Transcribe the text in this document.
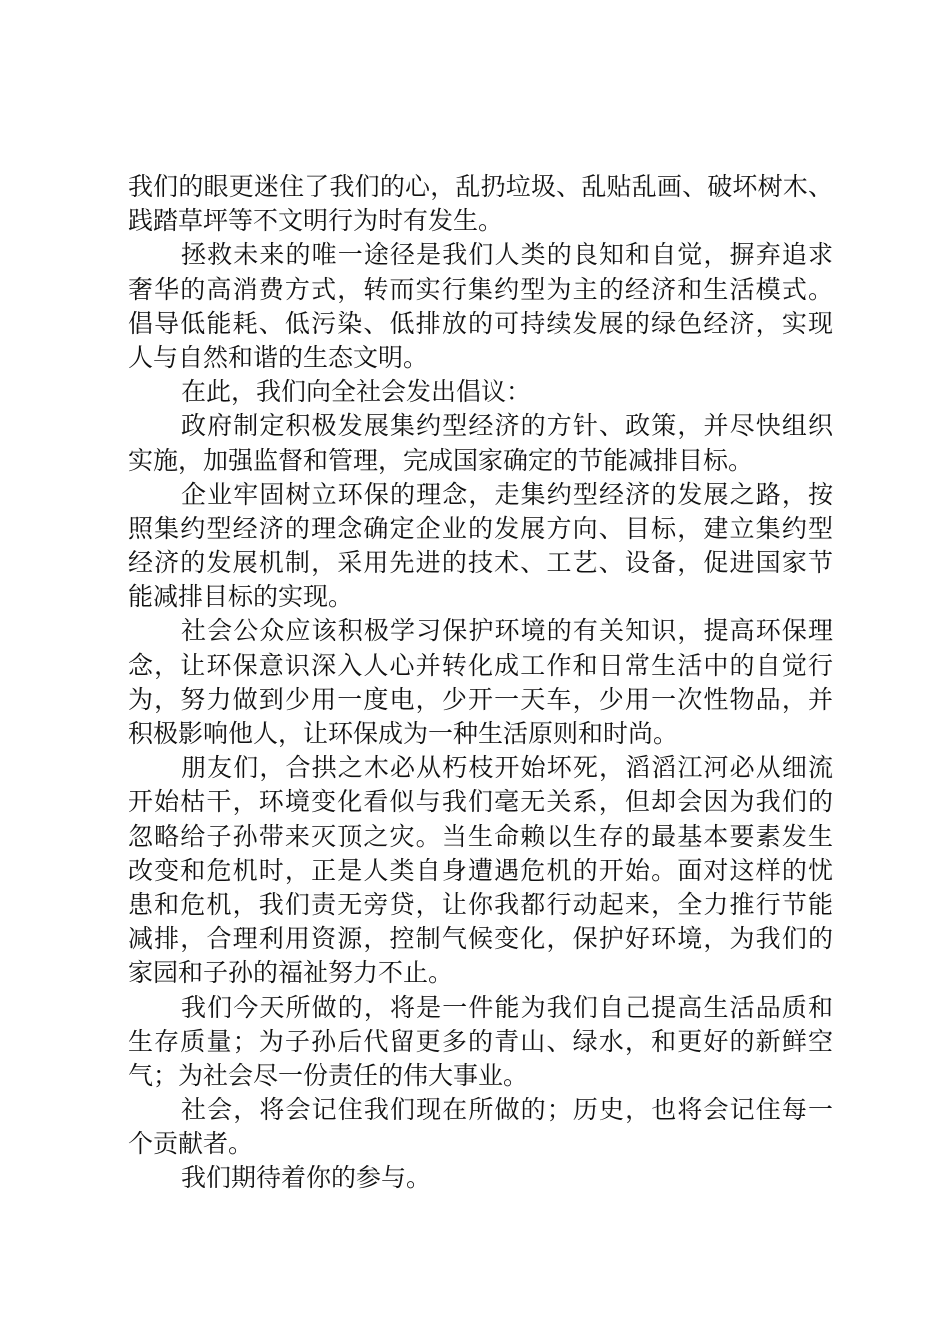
我们的眼更迷住了我们的心，乱扔垃圾、乱贴乱画、破坏树木、
践踏草坪等不文明行为时有发生。
拯救未来的唯一途径是我们人类的良知和自觉，摒弃追求
奢华的高消费方式，转而实行集约型为主的经济和生活模式。
倡导低能耗、低污染、低排放的可持续发展的绿色经济，实现
人与自然和谐的生态文明。
在此，我们向全社会发出倡议：
政府制定积极发展集约型经济的方针、政策，并尽快组织
实施，加强监督和管理，完成国家确定的节能减排目标。
企业牢固树立环保的理念，走集约型经济的发展之路，按
照集约型经济的理念确定企业的发展方向、目标，建立集约型
经济的发展机制，采用先进的技术、工艺、设备，促进国家节
能减排目标的实现。
社会公众应该积极学习保护环境的有关知识，提高环保理
念，让环保意识深入人心并转化成工作和日常生活中的自觉行
为，努力做到少用一度电，少开一天车，少用一次性物品，并
积极影响他人，让环保成为一种生活原则和时尚。
朋友们，合拱之木必从朽枝开始坏死，滔滔江河必从细流
开始枯干，环境变化看似与我们毫无关系，但却会因为我们的
忽略给子孙带来灭顶之灾。当生命赖以生存的最基本要素发生
改变和危机时，正是人类自身遭遇危机的开始。面对这样的忧
患和危机，我们责无旁贷，让你我都行动起来，全力推行节能
减排，合理利用资源，控制气候变化，保护好环境，为我们的
家园和子孙的福祉努力不止。
我们今天所做的，将是一件能为我们自己提高生活品质和
生存质量；为子孙后代留更多的青山、绿水，和更好的新鲜空
气；为社会尽一份责任的伟大事业。
社会，将会记住我们现在所做的；历史，也将会记住每一
个贡献者。
我们期待着你的参与。
